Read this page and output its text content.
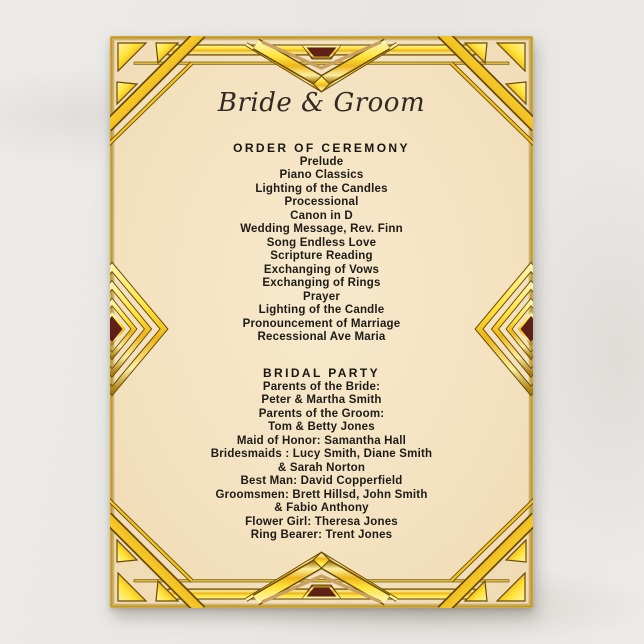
Bride & Groom
ORDER OF CEREMONY
Prelude
Piano Classics
Lighting of the Candles
Processional
Canon in D
Wedding Message, Rev. Finn
Song Endless Love
Scripture Reading
Exchanging of Vows
Exchanging of Rings
Prayer
Lighting of the Candle
Pronouncement of Marriage
Recessional Ave Maria
BRIDAL PARTY
Parents of the Bride:
Peter & Martha Smith
Parents of the Groom:
Tom & Betty Jones
Maid of Honor: Samantha Hall
Bridesmaids : Lucy Smith, Diane Smith
& Sarah Norton
Best Man: David Copperfield
Groomsmen: Brett Hillsd, John Smith
& Fabio Anthony
Flower Girl: Theresa Jones
Ring Bearer: Trent Jones
